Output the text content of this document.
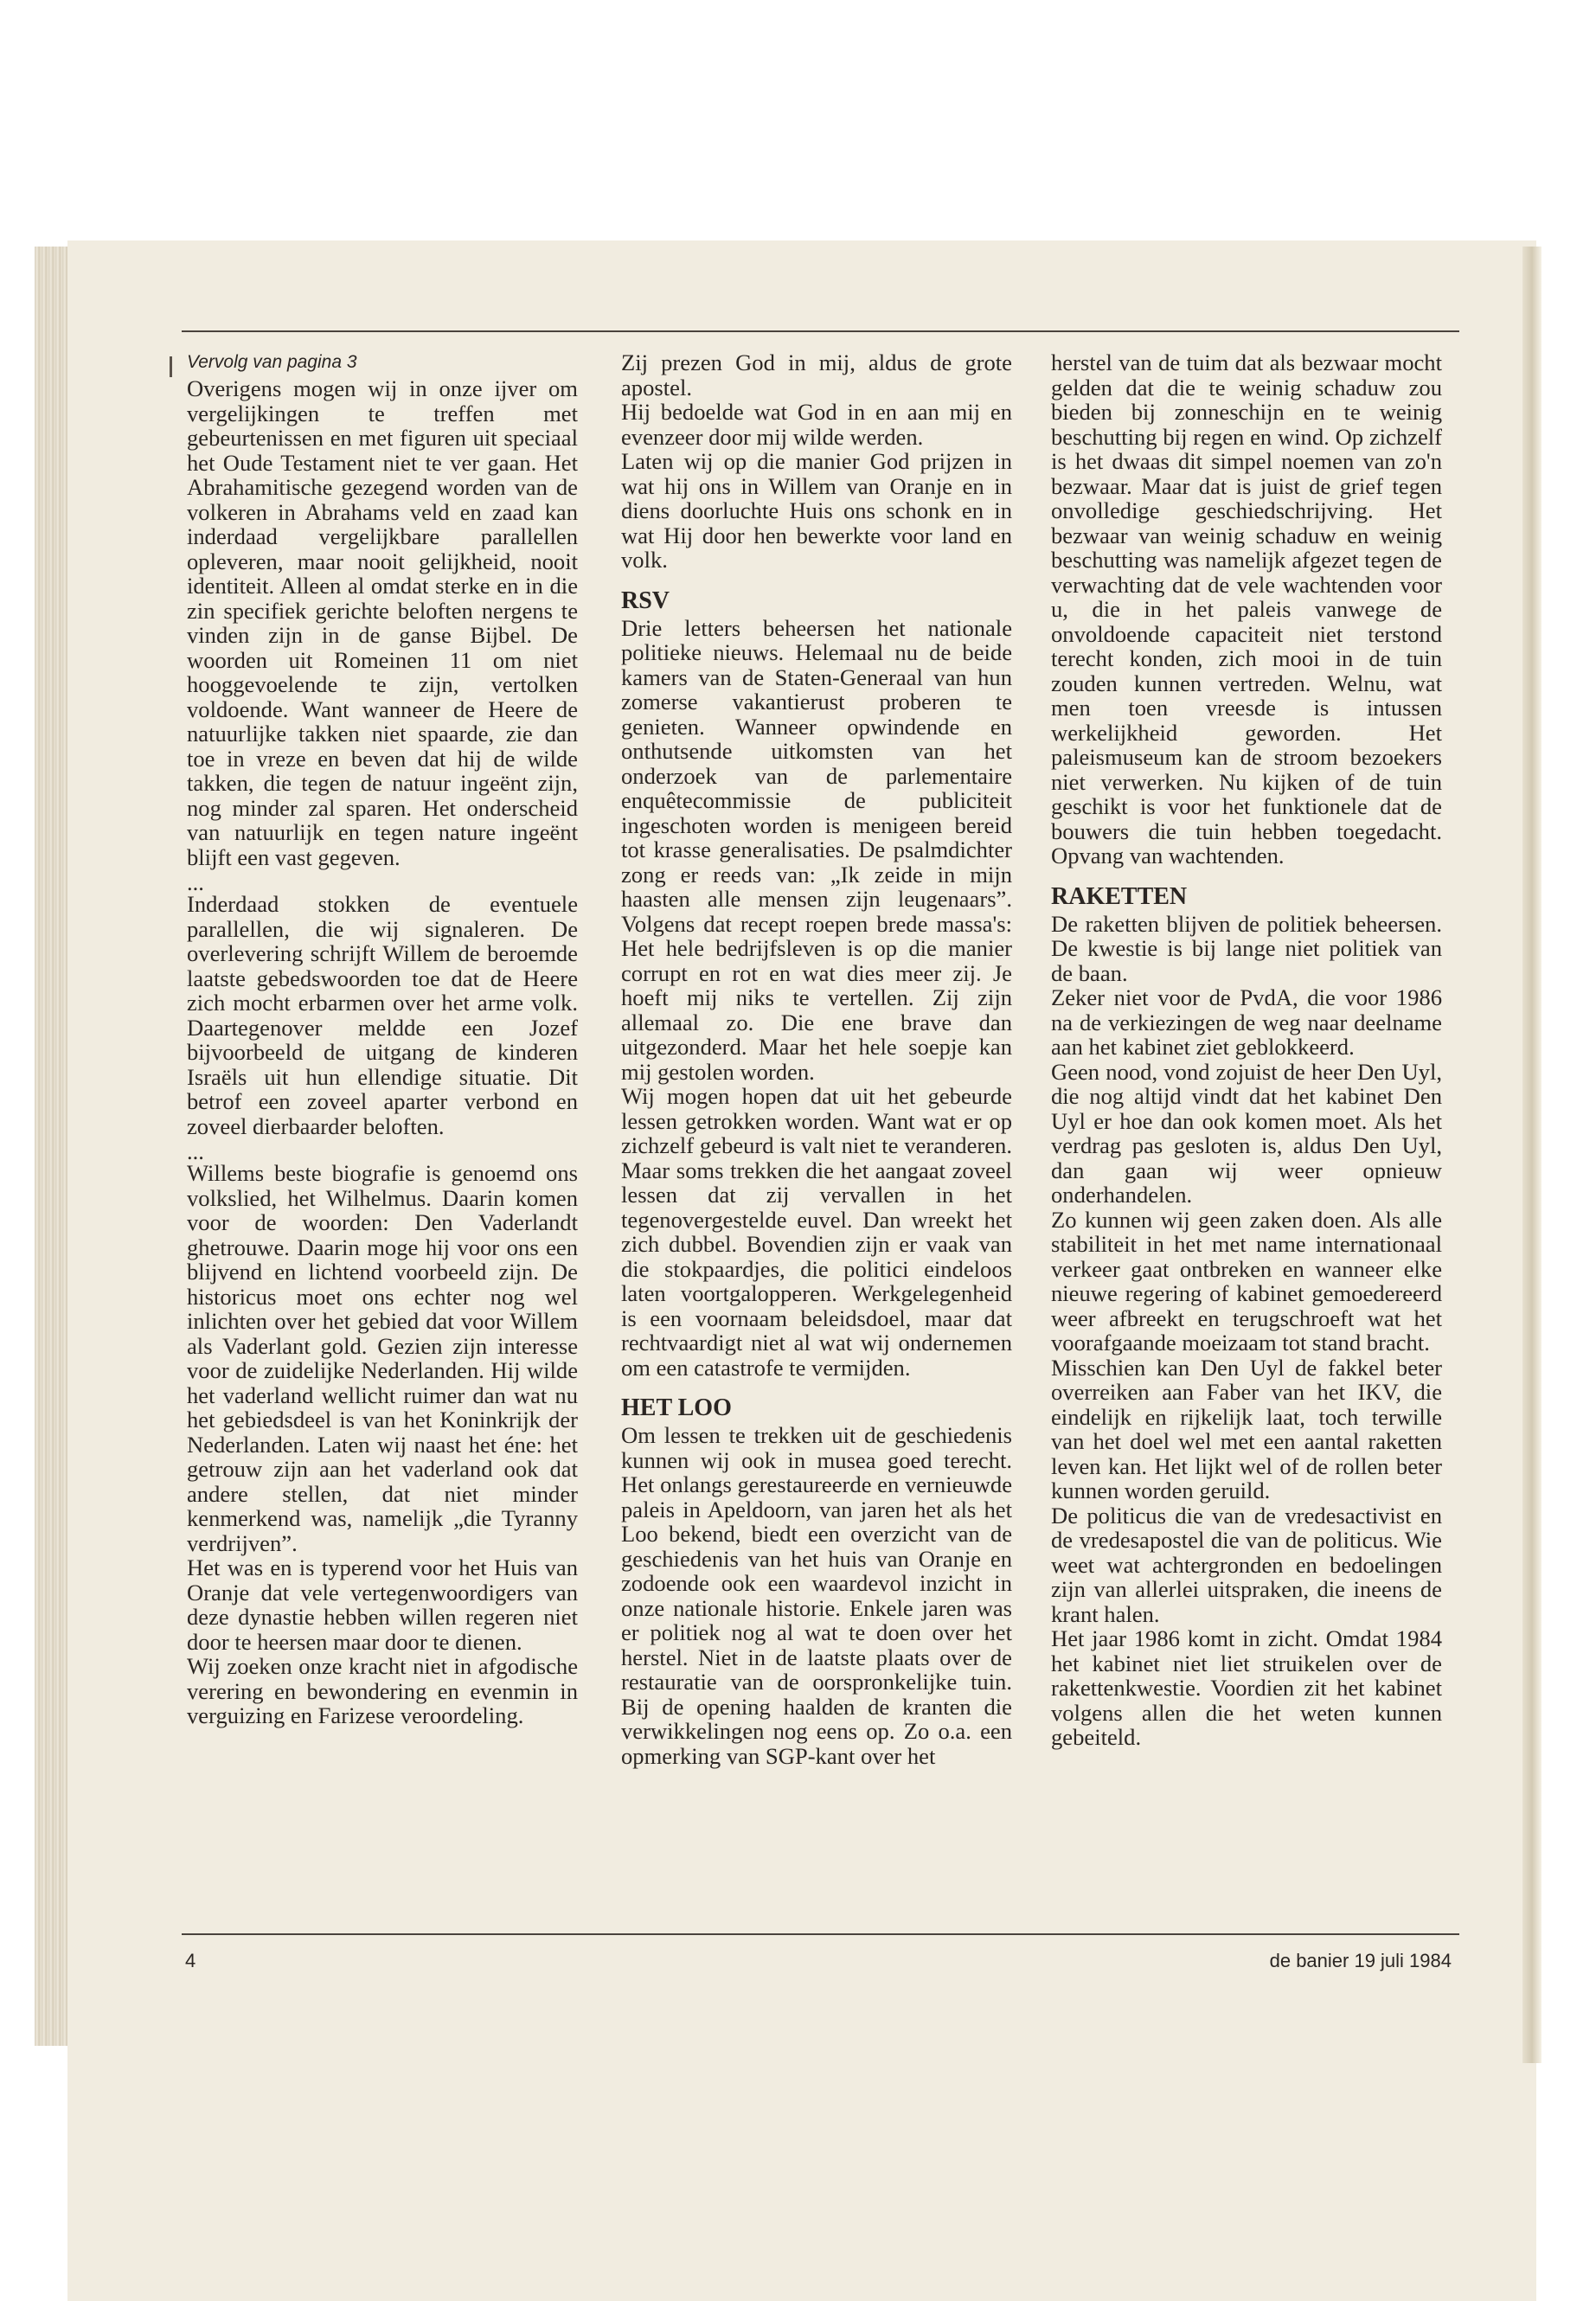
Vervolg van pagina 3

Overigens mogen wij in onze ijver om vergelijkingen te treffen met gebeurtenissen en met figuren uit speciaal het Oude Testament niet te ver gaan. Het Abrahamitische gezegend worden van de volkeren in Abrahams veld en zaad kan inderdaad vergelijkbare parallellen opleveren, maar nooit gelijkheid, nooit identiteit. Alleen al omdat sterke en in die zin specifiek gerichte beloften nergens te vinden zijn in de ganse Bijbel. De woorden uit Romeinen 11 om niet hooggevoelende te zijn, vertolken voldoende. Want wanneer de Heere de natuurlijke takken niet spaarde, zie dan toe in vreze en beven dat hij de wilde takken, die tegen de natuur ingeënt zijn, nog minder zal sparen. Het onderscheid van natuurlijk en tegen nature ingeënt blijft een vast gegeven.

...

Inderdaad stokken de eventuele parallellen, die wij signaleren. De overlevering schrijft Willem de beroemde laatste gebedswoorden toe dat de Heere zich mocht erbarmen over het arme volk. Daartegenover meldde een Jozef bijvoorbeeld de uitgang de kinderen Israëls uit hun ellendige situatie. Dit betrof een zoveel aparter verbond en zoveel dierbaarder beloften.

...

Willems beste biografie is genoemd ons volkslied, het Wilhelmus. Daarin komen voor de woorden: Den Vaderlandt ghetrouwe. Daarin moge hij voor ons een blijvend en lichtend voorbeeld zijn. De historicus moet ons echter nog wel inlichten over het gebied dat voor Willem als Vaderlant gold. Gezien zijn interesse voor de zuidelijke Nederlanden. Hij wilde het vaderland wellicht ruimer dan wat nu het gebiedsdeel is van het Koninkrijk der Nederlanden. Laten wij naast het éne: het getrouw zijn aan het vaderland ook dat andere stellen, dat niet minder kenmerkend was, namelijk „die Tyranny verdrijven”.

Het was en is typerend voor het Huis van Oranje dat vele vertegenwoordigers van deze dynastie hebben willen regeren niet door te heersen maar door te dienen.

Wij zoeken onze kracht niet in afgodische verering en bewondering en evenmin in verguizing en Farizese veroordeling.

Zij prezen God in mij, aldus de grote apostel.

Hij bedoelde wat God in en aan mij en evenzeer door mij wilde werden.

Laten wij op die manier God prijzen in wat hij ons in Willem van Oranje en in diens doorluchte Huis ons schonk en in wat Hij door hen bewerkte voor land en volk.

RSV

Drie letters beheersen het nationale politieke nieuws. Helemaal nu de beide kamers van de Staten-Generaal van hun zomerse vakantierust proberen te genieten. Wanneer opwindende en onthutsende uitkomsten van het onderzoek van de parlementaire enquêtecommissie de publiciteit ingeschoten worden is menigeen bereid tot krasse generalisaties. De psalmdichter zong er reeds van: „Ik zeide in mijn haasten alle mensen zijn leugenaars”. Volgens dat recept roepen brede massa's: Het hele bedrijfsleven is op die manier corrupt en rot en wat dies meer zij. Je hoeft mij niks te vertellen. Zij zijn allemaal zo. Die ene brave dan uitgezonderd. Maar het hele soepje kan mij gestolen worden.

Wij mogen hopen dat uit het gebeurde lessen getrokken worden. Want wat er op zichzelf gebeurd is valt niet te veranderen. Maar soms trekken die het aangaat zoveel lessen dat zij vervallen in het tegenovergestelde euvel. Dan wreekt het zich dubbel. Bovendien zijn er vaak van die stokpaardjes, die politici eindeloos laten voortgalopperen. Werkgelegenheid is een voornaam beleidsdoel, maar dat rechtvaardigt niet al wat wij ondernemen om een catastrofe te vermijden.

HET LOO

Om lessen te trekken uit de geschiedenis kunnen wij ook in musea goed terecht. Het onlangs gerestaureerde en vernieuwde paleis in Apeldoorn, van jaren het als het Loo bekend, biedt een overzicht van de geschiedenis van het huis van Oranje en zodoende ook een waardevol inzicht in onze nationale historie. Enkele jaren was er politiek nog al wat te doen over het herstel. Niet in de laatste plaats over de restauratie van de oorspronkelijke tuin. Bij de opening haalden de kranten die verwikkelingen nog eens op. Zo o.a. een opmerking van SGP-kant over het

herstel van de tuim dat als bezwaar mocht gelden dat die te weinig schaduw zou bieden bij zonneschijn en te weinig beschutting bij regen en wind. Op zichzelf is het dwaas dit simpel noemen van zo'n bezwaar. Maar dat is juist de grief tegen onvolledige geschiedschrijving. Het bezwaar van weinig schaduw en weinig beschutting was namelijk afgezet tegen de verwachting dat de vele wachtenden voor u, die in het paleis vanwege de onvoldoende capaciteit niet terstond terecht konden, zich mooi in de tuin zouden kunnen vertreden. Welnu, wat men toen vreesde is intussen werkelijkheid geworden. Het paleismuseum kan de stroom bezoekers niet verwerken. Nu kijken of de tuin geschikt is voor het funktionele dat de bouwers die tuin hebben toegedacht. Opvang van wachtenden.

RAKETTEN

De raketten blijven de politiek beheersen. De kwestie is bij lange niet politiek van de baan.

Zeker niet voor de PvdA, die voor 1986 na de verkiezingen de weg naar deelname aan het kabinet ziet geblokkeerd.

Geen nood, vond zojuist de heer Den Uyl, die nog altijd vindt dat het kabinet Den Uyl er hoe dan ook komen moet. Als het verdrag pas gesloten is, aldus Den Uyl, dan gaan wij weer opnieuw onderhandelen.

Zo kunnen wij geen zaken doen. Als alle stabiliteit in het met name internationaal verkeer gaat ontbreken en wanneer elke nieuwe regering of kabinet gemoedereerd weer afbreekt en terugschroeft wat het voorafgaande moeizaam tot stand bracht.

Misschien kan Den Uyl de fakkel beter overreiken aan Faber van het IKV, die eindelijk en rijkelijk laat, toch terwille van het doel wel met een aantal raketten leven kan. Het lijkt wel of de rollen beter kunnen worden geruild.

De politicus die van de vredesactivist en de vredesapostel die van de politicus. Wie weet wat achtergronden en bedoelingen zijn van allerlei uitspraken, die ineens de krant halen.

Het jaar 1986 komt in zicht. Omdat 1984 het kabinet niet liet struikelen over de rakettenkwestie. Voordien zit het kabinet volgens allen die het weten kunnen gebeiteld.

4	de banier 19 juli 1984
